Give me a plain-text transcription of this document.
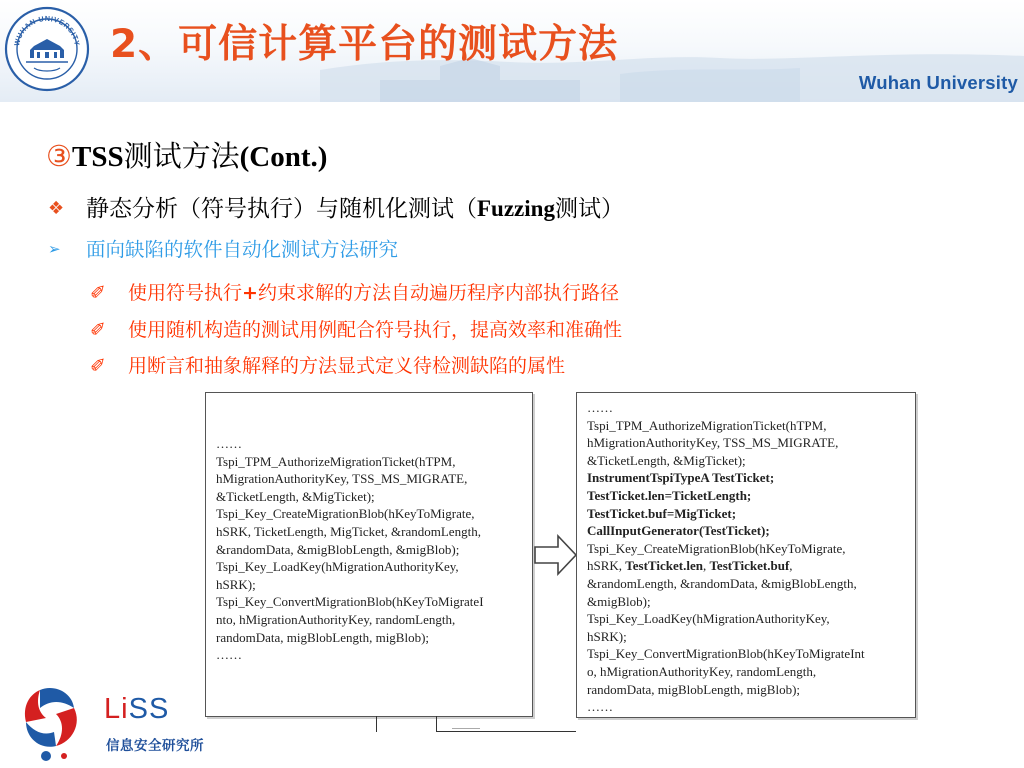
WUHAN UNIVERSITY 2、可信计算平台的测试方法
Wuhan University
③TSS测试方法(Cont.)
❖ 静态分析（符号执行）与随机化测试（Fuzzing测试）
➢ 面向缺陷的软件自动化测试方法研究
✐ 使用符号执行+约束求解的方法自动遍历程序内部执行路径
✐ 使用随机构造的测试用例配合符号执行，提高效率和准确性
✐ 用断言和抽象解释的方法显式定义待检测缺陷的属性
……
Tspi_TPM_AuthorizeMigrationTicket(hTPM,
hMigrationAuthorityKey, TSS_MS_MIGRATE,
&TicketLength, &MigTicket);
Tspi_Key_CreateMigrationBlob(hKeyToMigrate,
hSRK, TicketLength, MigTicket, &randomLength,
&randomData, &migBlobLength, &migBlob);
Tspi_Key_LoadKey(hMigrationAuthorityKey,
hSRK);
Tspi_Key_ConvertMigrationBlob(hKeyToMigrateI
nto, hMigrationAuthorityKey, randomLength,
randomData, migBlobLength, migBlob);
……
……
Tspi_TPM_AuthorizeMigrationTicket(hTPM,
hMigrationAuthorityKey, TSS_MS_MIGRATE,
&TicketLength, &MigTicket);
InstrumentTspiTypeA TestTicket;
TestTicket.len=TicketLength;
TestTicket.buf=MigTicket;
CallInputGenerator(TestTicket);
Tspi_Key_CreateMigrationBlob(hKeyToMigrate,
hSRK, TestTicket.len, TestTicket.buf,
&randomLength, &randomData, &migBlobLength,
&migBlob);
Tspi_Key_LoadKey(hMigrationAuthorityKey,
hSRK);
Tspi_Key_ConvertMigrationBlob(hKeyToMigrateInt
o, hMigrationAuthorityKey, randomLength,
randomData, migBlobLength, migBlob);
……
LiSS
信息安全研究所
